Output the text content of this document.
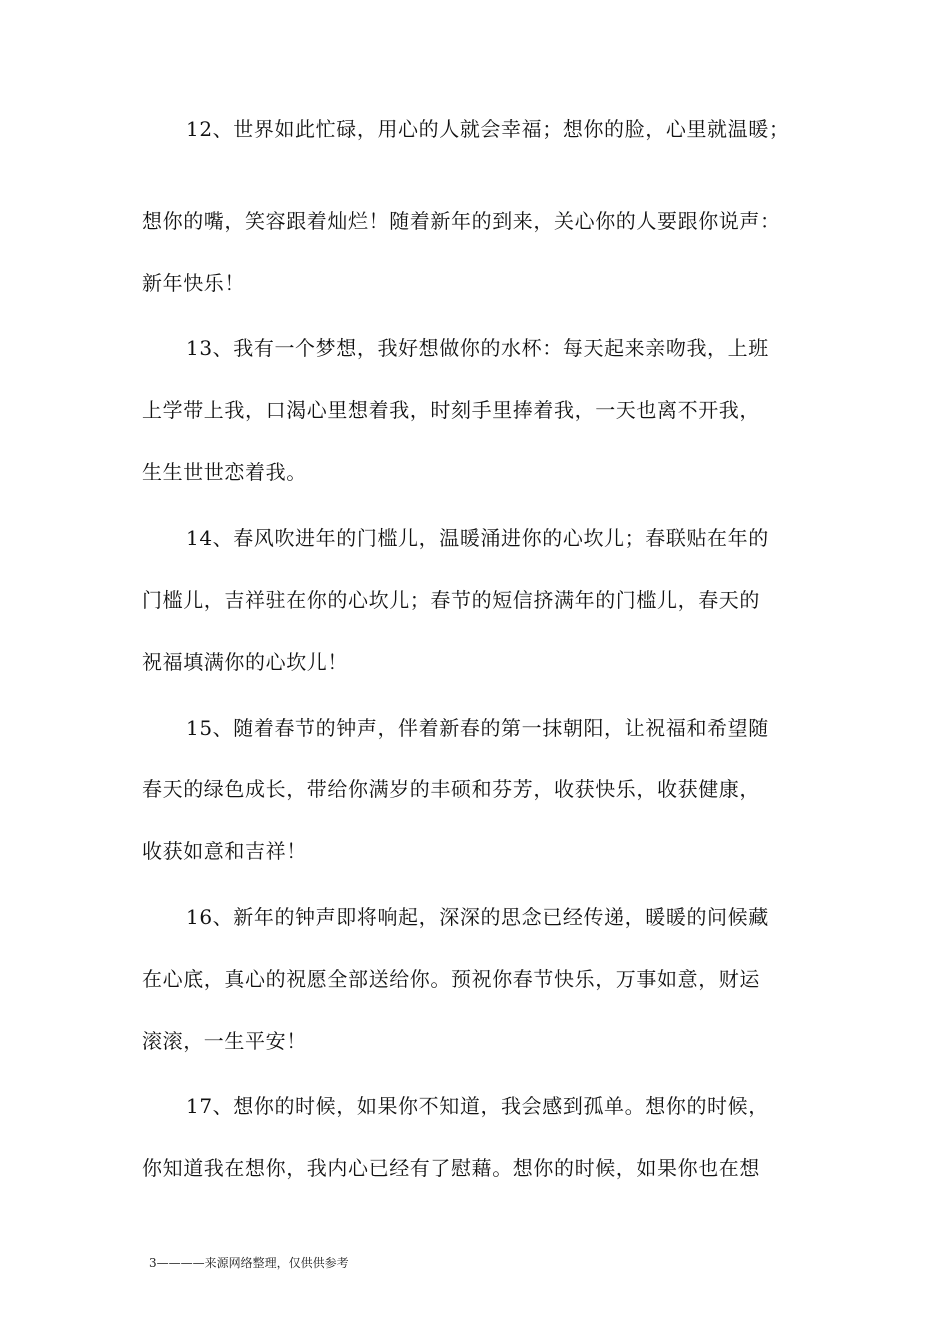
12、世界如此忙碌，用心的人就会幸福；想你的脸，心里就温暖；
想你的嘴，笑容跟着灿烂！随着新年的到来，关心你的人要跟你说声：
新年快乐！
13、我有一个梦想，我好想做你的水杯：每天起来亲吻我，上班
上学带上我，口渴心里想着我，时刻手里捧着我，一天也离不开我，
生生世世恋着我。
14、春风吹进年的门槛儿，温暖涌进你的心坎儿；春联贴在年的
门槛儿，吉祥驻在你的心坎儿；春节的短信挤满年的门槛儿，春天的
祝福填满你的心坎儿！
15、随着春节的钟声，伴着新春的第一抹朝阳，让祝福和希望随
春天的绿色成长，带给你满岁的丰硕和芬芳，收获快乐，收获健康，
收获如意和吉祥！
16、新年的钟声即将响起，深深的思念已经传递，暖暖的问候藏
在心底，真心的祝愿全部送给你。预祝你春节快乐，万事如意，财运
滚滚，一生平安！
17、想你的时候，如果你不知道，我会感到孤单。想你的时候，
你知道我在想你，我内心已经有了慰藉。想你的时候，如果你也在想
3————来源网络整理，仅供供参考
